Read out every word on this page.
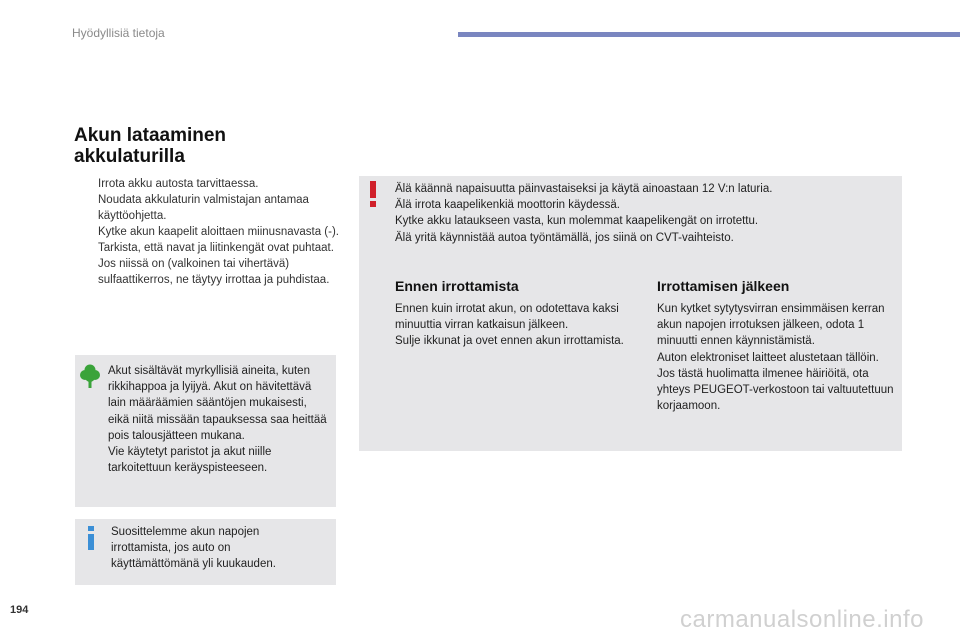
Hyödyllisiä tietoja
Akun lataaminen
akkulaturilla

Irrota akku autosta tarvittaessa.

Noudata akkulaturin valmistajan antamaa käyttöohjetta.

Kytke akun kaapelit aloittaen miinusnavasta (-).

Tarkista, että navat ja liitinkengät ovat puhtaat. Jos niissä on (valkoinen tai vihertävä) sulfaattikerros, ne täytyy irrottaa ja puhdistaa.

Akut sisältävät myrkyllisiä aineita, kuten rikkihappoa ja lyijyä. Akut on hävitettävä lain määräämien sääntöjen mukaisesti, eikä niitä missään tapauksessa saa heittää pois talousjätteen mukana.
Vie käytetyt paristot ja akut niille tarkoitettuun keräyspisteeseen.
Suosittelemme akun napojen irrottamista, jos auto on käyttämättömänä yli kuukauden.
Älä käännä napaisuutta päinvastaiseksi ja käytä ainoastaan 12 V:n laturia.
Älä irrota kaapelikenkiä moottorin käydessä.
Kytke akku lataukseen vasta, kun molemmat kaapelikengät on irrotettu.
Älä yritä käynnistää autoa työntämällä, jos siinä on CVT-vaihteisto.
Ennen irrottamista
Ennen kuin irrotat akun, on odotettava kaksi minuuttia virran katkaisun jälkeen.
Sulje ikkunat ja ovet ennen akun irrottamista.
Irrottamisen jälkeen
Kun kytket sytytysvirran ensimmäisen kerran akun napojen irrotuksen jälkeen, odota 1 minuutti ennen käynnistämistä.
Auton elektroniset laitteet alustetaan tällöin.
Jos tästä huolimatta ilmenee häiriöitä, ota yhteys PEUGEOT-verkostoon tai valtuutettuun korjaamoon.
194	carmanualsonline.info
